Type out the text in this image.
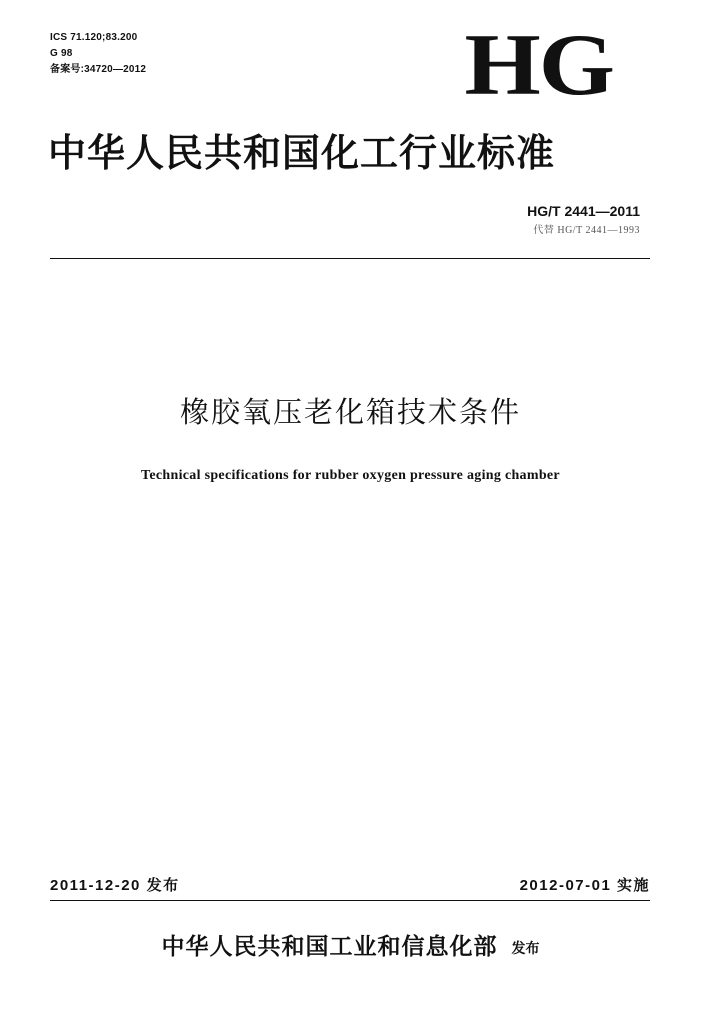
ICS 71.120;83.200
G 98
备案号:34720—2012	HG
中华人民共和国化工行业标准
HG/T 2441—2011
代替 HG/T 2441—1993
橡胶氧压老化箱技术条件
Technical specifications for rubber oxygen pressure aging chamber
2011-12-20 发布	2012-07-01 实施
中华人民共和国工业和信息化部 发布
